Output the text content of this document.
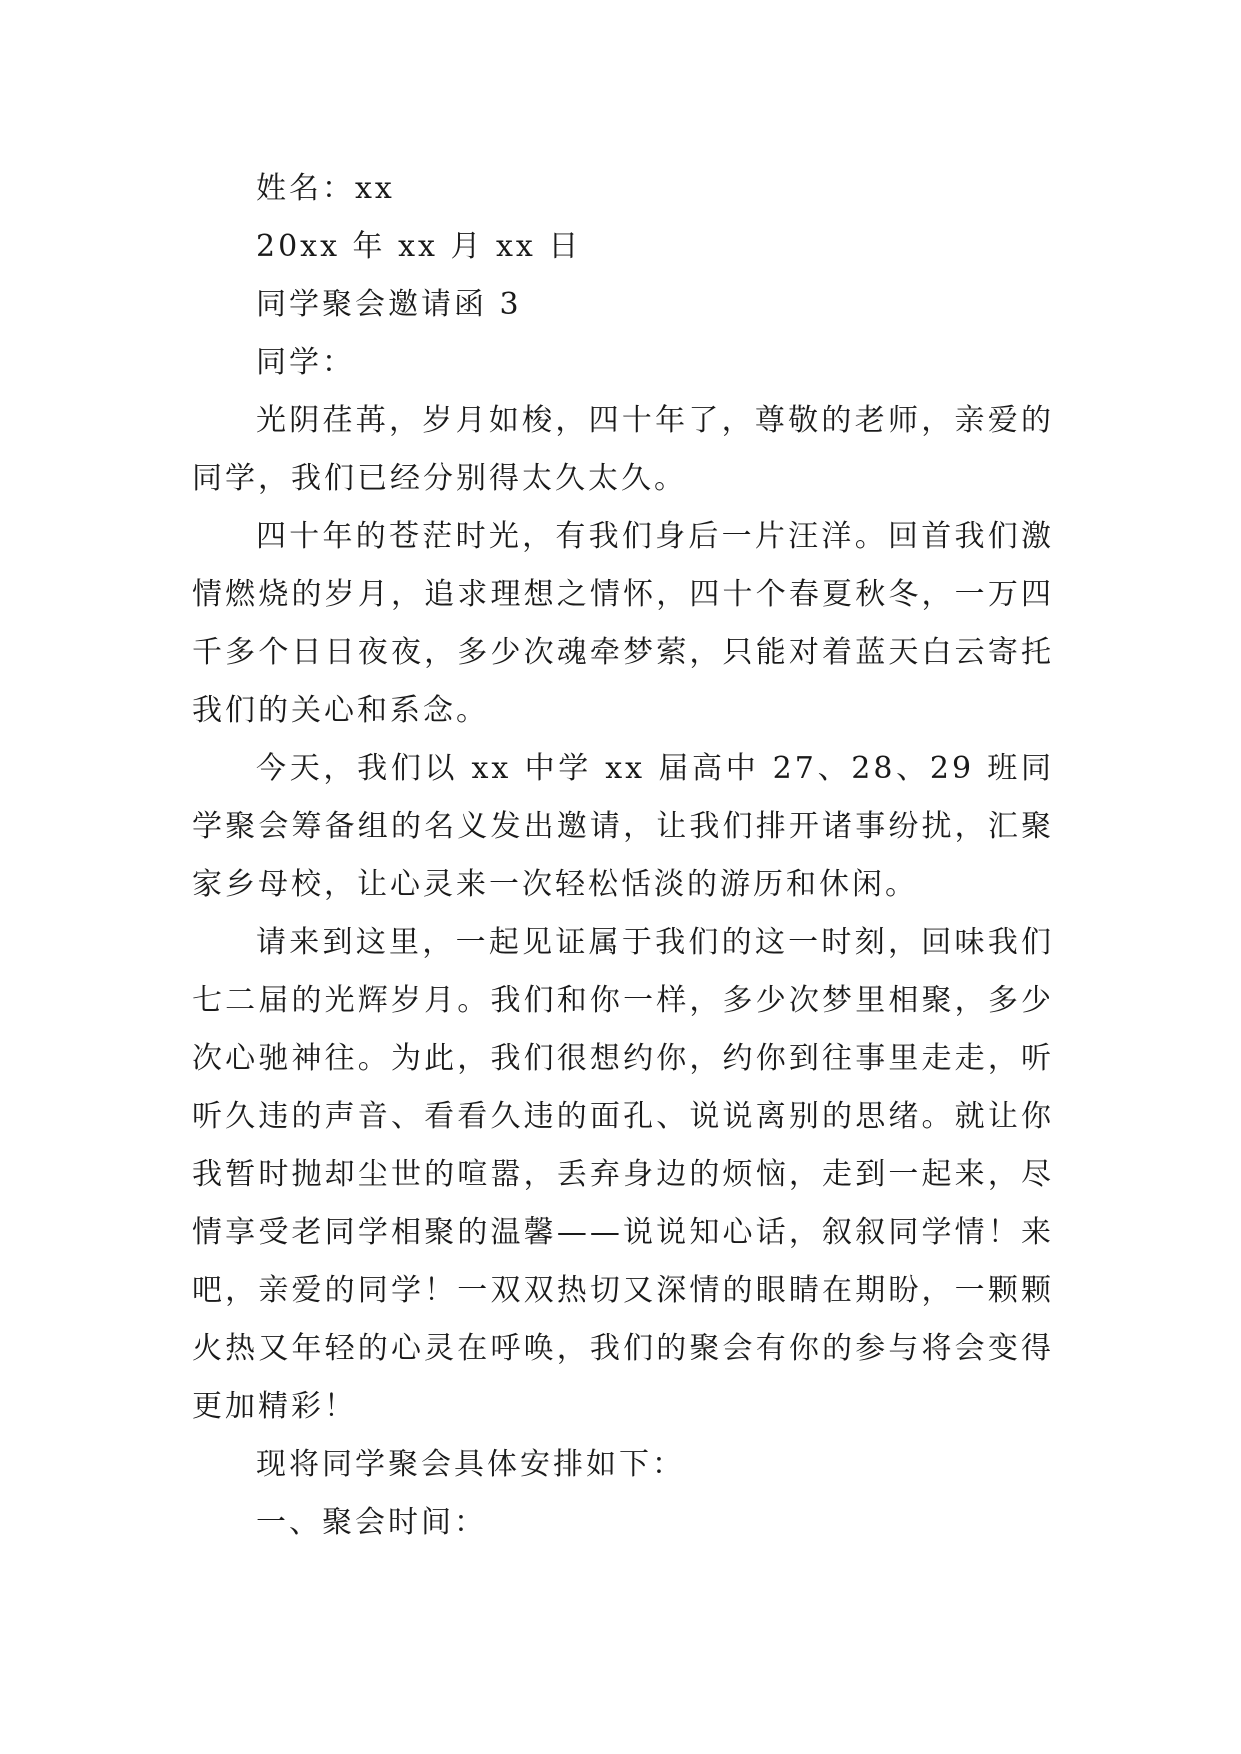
姓名：xx

20xx 年 xx 月 xx 日

同学聚会邀请函 3

同学：

光阴荏苒，岁月如梭，四十年了，尊敬的老师，亲爱的同学，我们已经分别得太久太久。

四十年的苍茫时光，有我们身后一片汪洋。回首我们激情燃烧的岁月，追求理想之情怀，四十个春夏秋冬，一万四千多个日日夜夜，多少次魂牵梦萦，只能对着蓝天白云寄托我们的关心和系念。

今天，我们以 xx 中学 xx 届高中 27、28、29 班同学聚会筹备组的名义发出邀请，让我们排开诸事纷扰，汇聚家乡母校，让心灵来一次轻松恬淡的游历和休闲。

请来到这里，一起见证属于我们的这一时刻，回味我们七二届的光辉岁月。我们和你一样，多少次梦里相聚，多少次心驰神往。为此，我们很想约你，约你到往事里走走，听听久违的声音、看看久违的面孔、说说离别的思绪。就让你我暂时抛却尘世的喧嚣，丢弃身边的烦恼，走到一起来，尽情享受老同学相聚的温馨——说说知心话，叙叙同学情！来吧，亲爱的同学！一双双热切又深情的眼睛在期盼，一颗颗火热又年轻的心灵在呼唤，我们的聚会有你的参与将会变得更加精彩！

现将同学聚会具体安排如下：

一、聚会时间：
